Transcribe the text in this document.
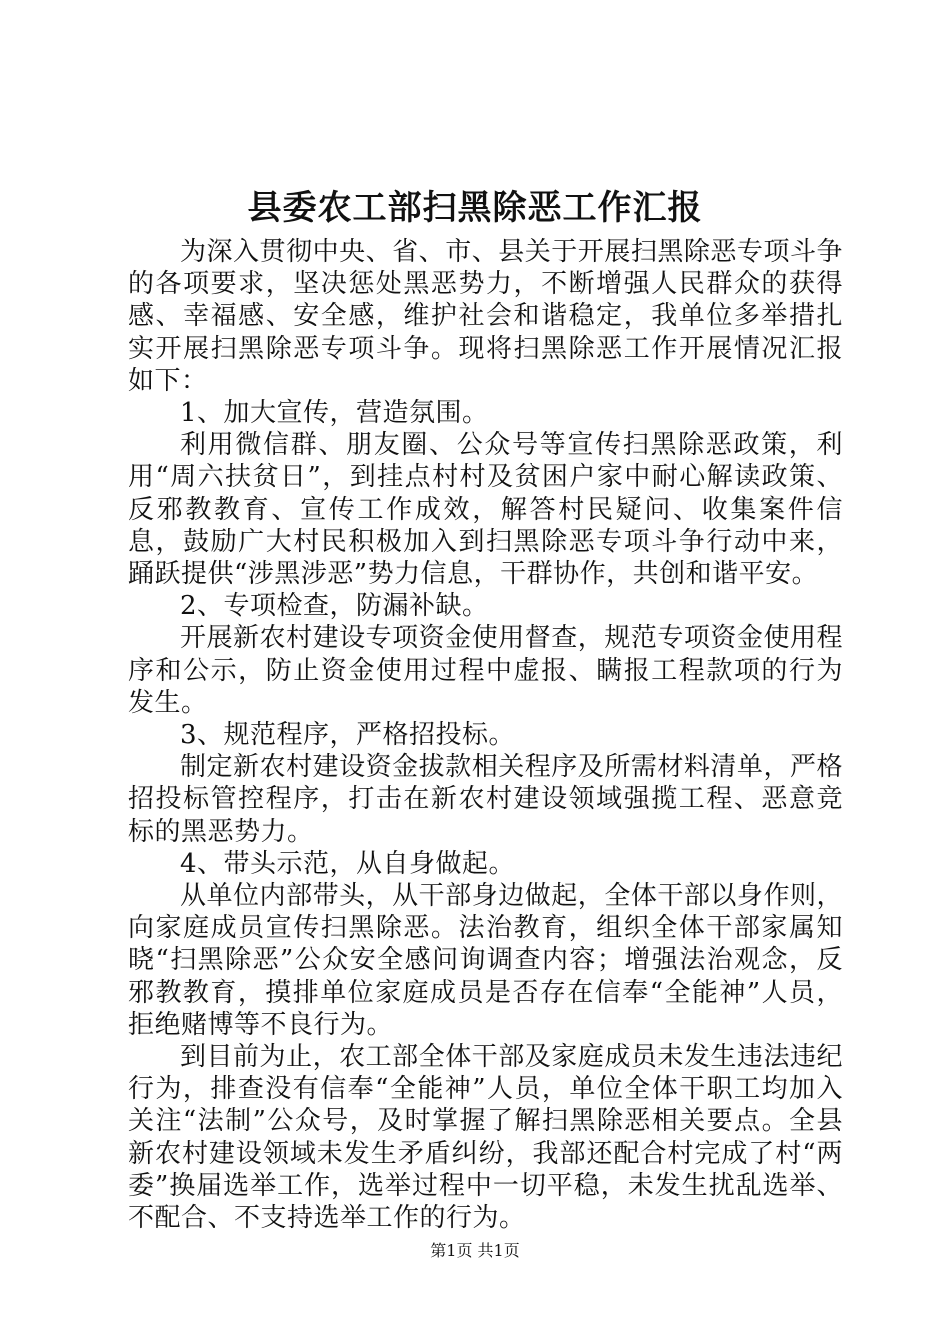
县委农工部扫黑除恶工作汇报

为深入贯彻中央、省、市、县关于开展扫黑除恶专项斗争的各项要求，坚决惩处黑恶势力，不断增强人民群众的获得感、幸福感、安全感，维护社会和谐稳定，我单位多举措扎实开展扫黑除恶专项斗争。现将扫黑除恶工作开展情况汇报如下：

1、加大宣传，营造氛围。

利用微信群、朋友圈、公众号等宣传扫黑除恶政策，利用“周六扶贫日”，到挂点村村及贫困户家中耐心解读政策、反邪教教育、宣传工作成效，解答村民疑问、收集案件信息，鼓励广大村民积极加入到扫黑除恶专项斗争行动中来，踊跃提供“涉黑涉恶”势力信息，干群协作，共创和谐平安。

2、专项检查，防漏补缺。

开展新农村建设专项资金使用督查，规范专项资金使用程序和公示，防止资金使用过程中虚报、瞒报工程款项的行为发生。

3、规范程序，严格招投标。

制定新农村建设资金拔款相关程序及所需材料清单，严格招投标管控程序，打击在新农村建设领域强揽工程、恶意竞标的黑恶势力。

4、带头示范，从自身做起。

从单位内部带头，从干部身边做起，全体干部以身作则，向家庭成员宣传扫黑除恶。法治教育，组织全体干部家属知晓“扫黑除恶”公众安全感问询调查内容；增强法治观念，反邪教教育，摸排单位家庭成员是否存在信奉“全能神”人员，拒绝赌博等不良行为。

到目前为止，农工部全体干部及家庭成员未发生违法违纪行为，排查没有信奉“全能神”人员，单位全体干职工均加入关注“法制”公众号，及时掌握了解扫黑除恶相关要点。全县新农村建设领域未发生矛盾纠纷，我部还配合村完成了村“两委”换届选举工作，选举过程中一切平稳，未发生扰乱选举、不配合、不支持选举工作的行为。

第1页 共1页
